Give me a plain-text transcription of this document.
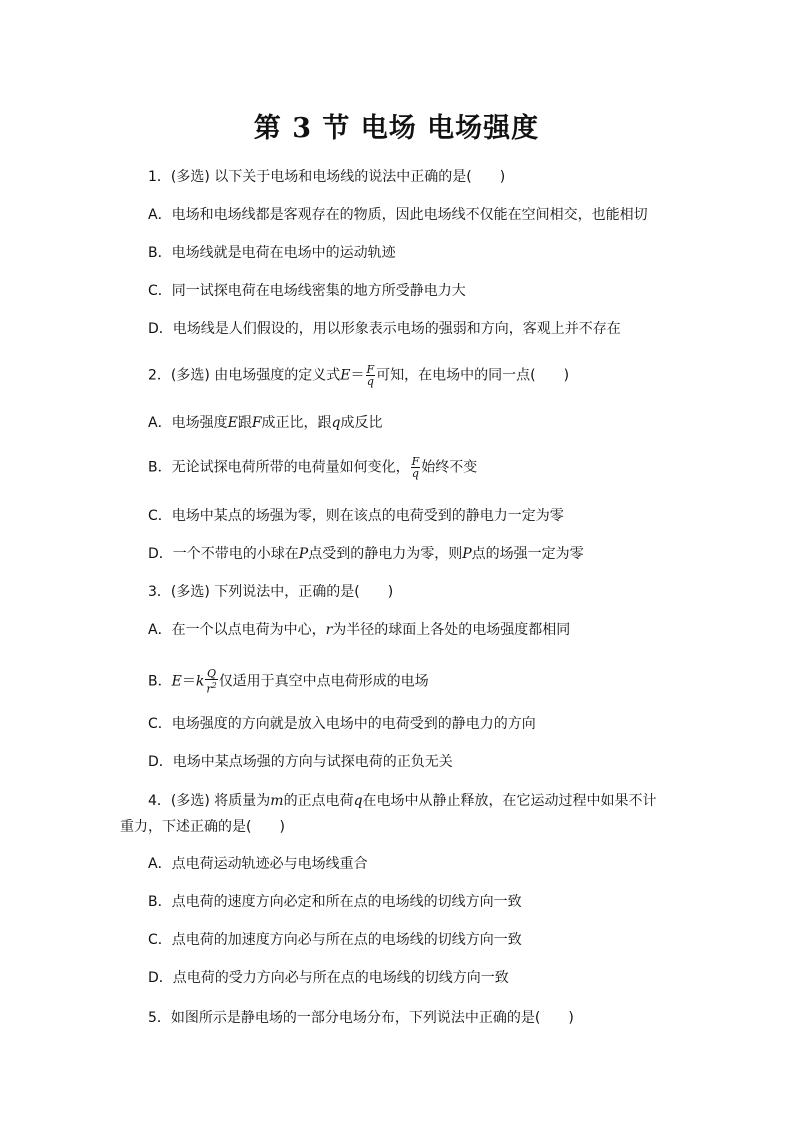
第 3 节 电场 电场强度
1．(多选) 以下关于电场和电场线的说法中正确的是(　　)
A．电场和电场线都是客观存在的物质，因此电场线不仅能在空间相交，也能相切
B．电场线就是电荷在电场中的运动轨迹
C．同一试探电荷在电场线密集的地方所受静电力大
D．电场线是人们假设的，用以形象表示电场的强弱和方向，客观上并不存在
2．(多选) 由电场强度的定义式$E= \frac{F}{q}$ 可知，在电场中的同一点(　　)
A．电场强度E跟F成正比，跟q成反比
B．无论试探电荷所带的电荷量如何变化， $\frac{F}{q}$ 始终不变
C．电场中某点的场强为零，则在该点的电荷受到的静电力一定为零
D．一个不带电的小球在P点受到的静电力为零，则P点的场强一定为零
3．(多选) 下列说法中，正确的是(　　)
A．在一个以点电荷为中心，r为半径的球面上各处的电场强度都相同
B．$E=k \frac{Q}{r^2}$ 仅适用于真空中点电荷形成的电场
C．电场强度的方向就是放入电场中的电荷受到的静电力的方向
D．电场中某点场强的方向与试探电荷的正负无关
4．(多选) 将质量为m的正点电荷q在电场中从静止释放，在它运动过程中如果不计
重力，下述正确的是(　　)
A．点电荷运动轨迹必与电场线重合
B．点电荷的速度方向必定和所在点的电场线的切线方向一致
C．点电荷的加速度方向必与所在点的电场线的切线方向一致
D．点电荷的受力方向必与所在点的电场线的切线方向一致
5．如图所示是静电场的一部分电场分布，下列说法中正确的是(　　)
